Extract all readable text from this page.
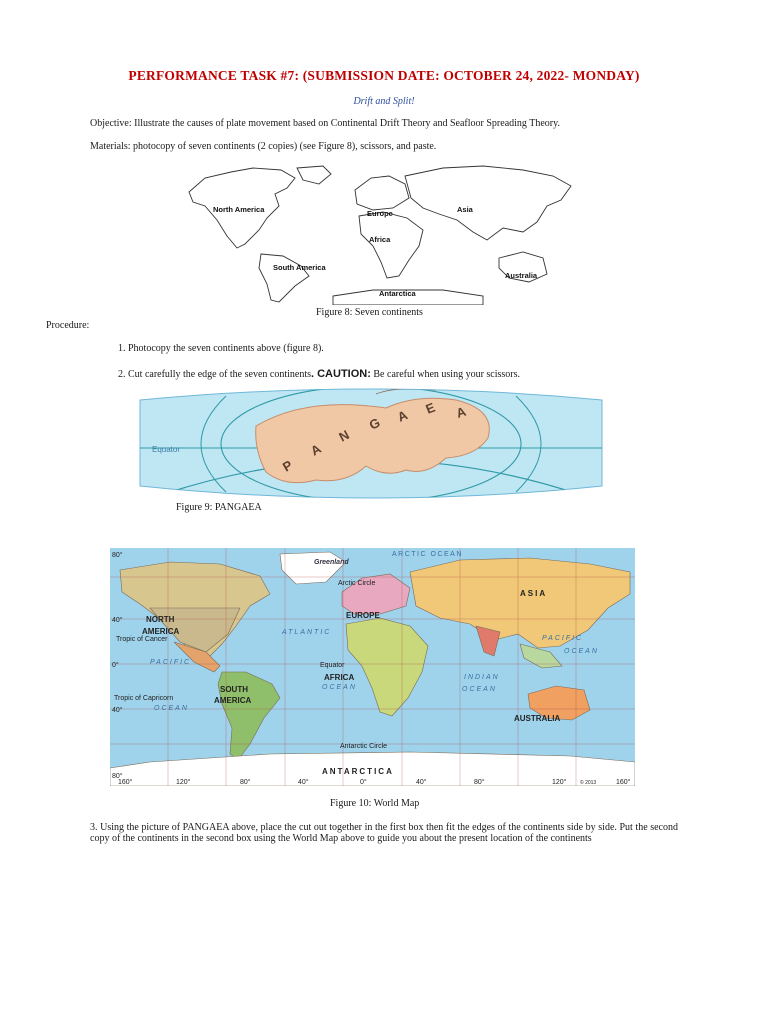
PERFORMANCE TASK #7: (SUBMISSION DATE: OCTOBER 24, 2022- MONDAY)
Drift and Split!
Objective: Illustrate the causes of plate movement based on Continental Drift Theory and Seafloor Spreading Theory.
Materials: photocopy of seven continents (2 copies) (see Figure 8), scissors, and paste.
North America	Europe	Asia
Africa
South America
Australia
Antarctica
Figure 8: Seven continents
Procedure:
1. Photocopy the seven continents above (figure 8).
2. Cut carefully the edge of the seven continents. CAUTION: Be careful when using your scissors.
Equator
P
A
N
G A E A
Figure 9: PANGAEA
ARCTIC OCEAN
Greenland
Arctic Circle
ASIA
NORTH
AMERICA
EUROPE
ATLANTIC
Tropic of Cancer	PACIFIC
OCEAN
PACIFIC	Equator
AFRICA
OCEAN
INDIAN
OCEAN
Tropic of Capricorn
SOUTH
AMERICA
OCEAN
AUSTRALIA
Antarctic Circle
ANTARCTICA
80°
40°
0°
40°
80°
160°	120°	80°	40°	0°	40°	80°	120°	160°
© 2013
Figure 10: World Map
3. Using the picture of PANGAEA above, place the cut out together in the first box then fit the edges of the continents side by side. Put the second copy of the continents in the second box using the World Map above to guide you about the present location of the continents
